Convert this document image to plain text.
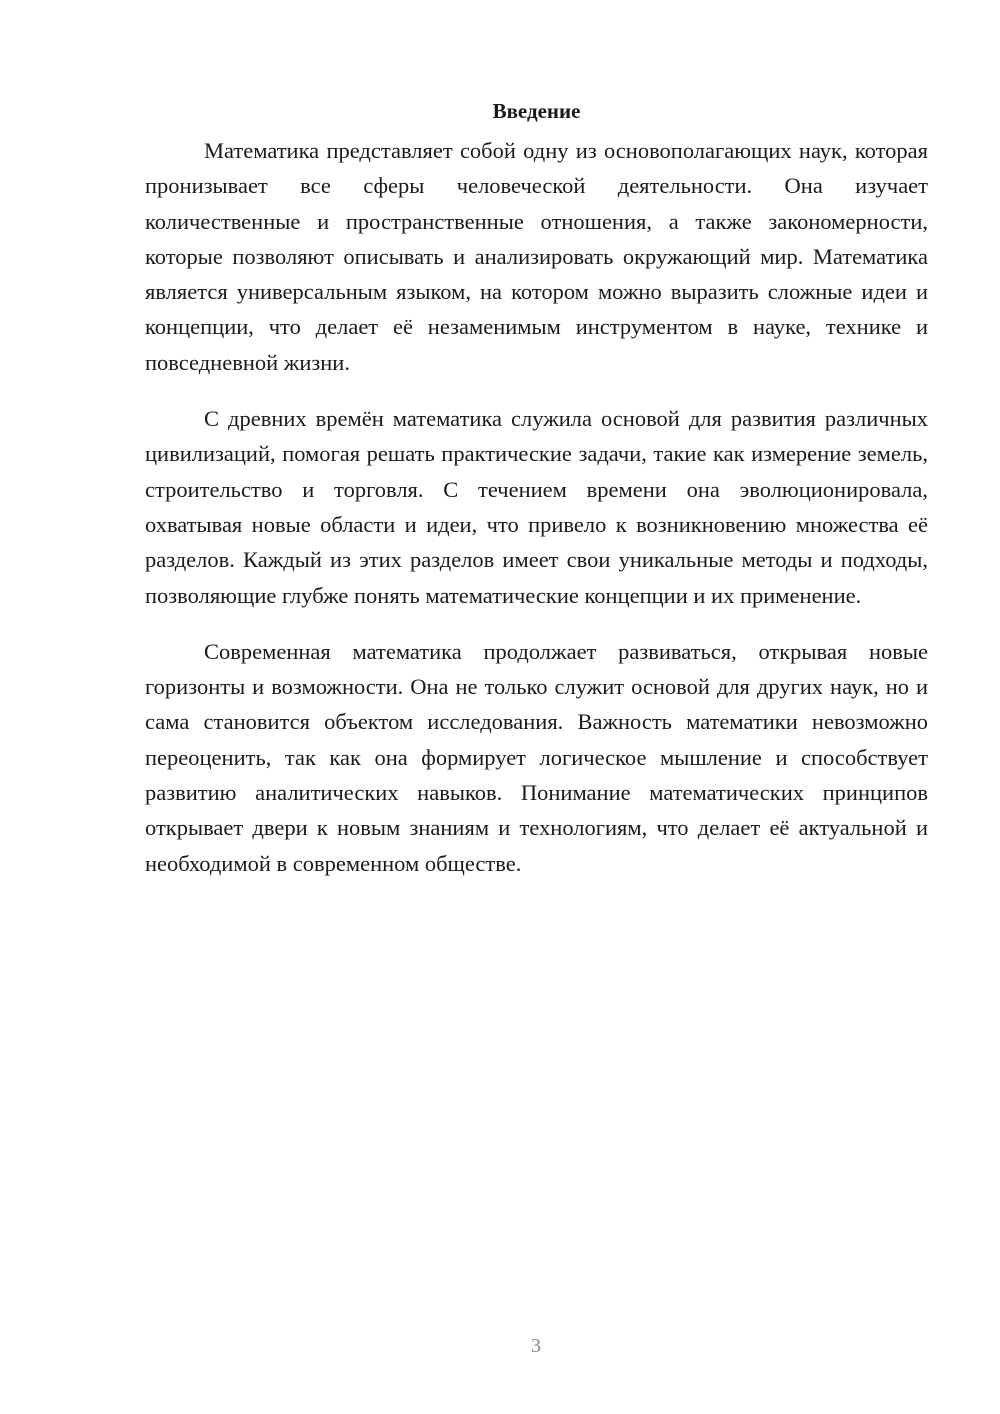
Введение

Математика представляет собой одну из основополагающих наук, которая пронизывает все сферы человеческой деятельности. Она изучает количественные и пространственные отношения, а также закономерности, которые позволяют описывать и анализировать окружающий мир. Математика является универсальным языком, на котором можно выразить сложные идеи и концепции, что делает её незаменимым инструментом в науке, технике и повседневной жизни.

С древних времён математика служила основой для развития различных цивилизаций, помогая решать практические задачи, такие как измерение земель, строительство и торговля. С течением времени она эволюционировала, охватывая новые области и идеи, что привело к возникновению множества её разделов. Каждый из этих разделов имеет свои уникальные методы и подходы, позволяющие глубже понять математические концепции и их применение.

Современная математика продолжает развиваться, открывая новые горизонты и возможности. Она не только служит основой для других наук, но и сама становится объектом исследования. Важность математики невозможно переоценить, так как она формирует логическое мышление и способствует развитию аналитических навыков. Понимание математических принципов открывает двери к новым знаниям и технологиям, что делает её актуальной и необходимой в современном обществе.

3
